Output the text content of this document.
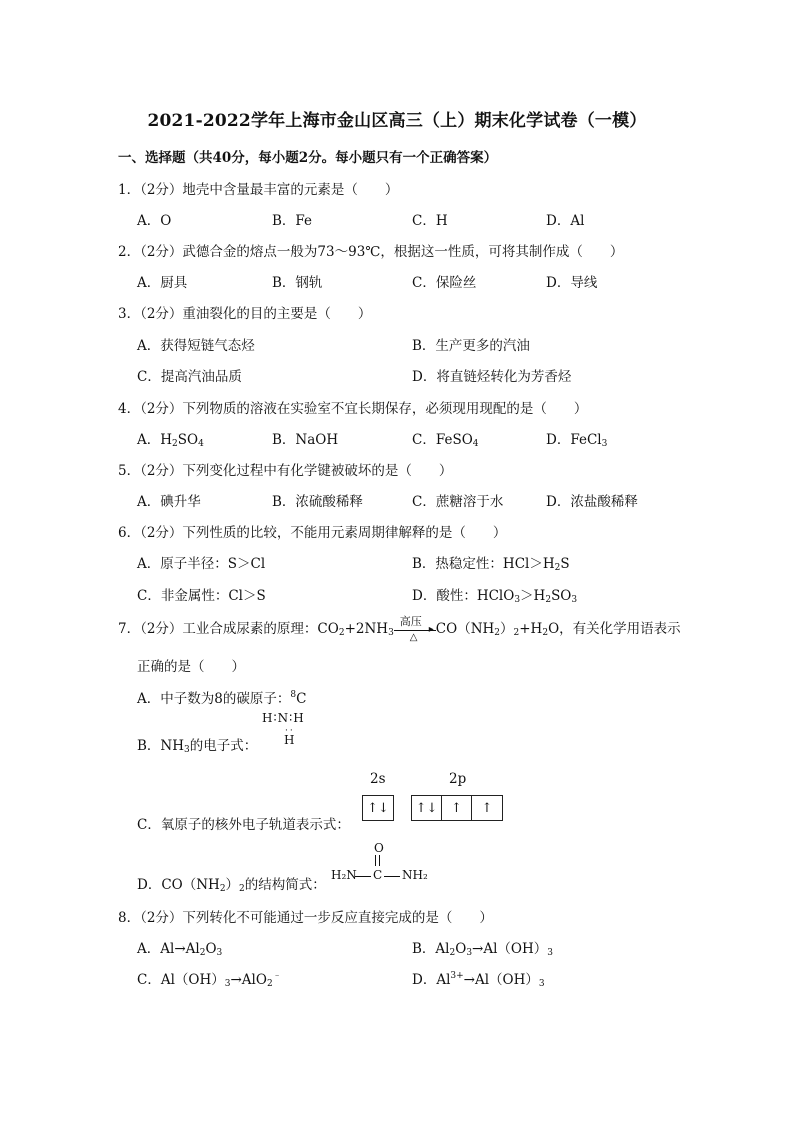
2021-2022学年上海市金山区高三（上）期末化学试卷（一模）
一、选择题（共40分，每小题2分。每小题只有一个正确答案）
1．（2分）地壳中含量最丰富的元素是（　　）
A．O	B．Fe	C．H	D．Al
2．（2分）武德合金的熔点一般为73～93℃，根据这一性质，可将其制作成（　　）
A．厨具	B．钢轨	C．保险丝	D．导线
3．（2分）重油裂化的目的主要是（　　）
A．获得短链气态烃	B．生产更多的汽油
C．提高汽油品质	D．将直链烃转化为芳香烃
4．（2分）下列物质的溶液在实验室不宜长期保存，必须现用现配的是（　　）
A．$H_2SO_4$	B．NaOH	C．FeSO$_4$	D．FeCl$_3$
5．（2分）下列变化过程中有化学键被破坏的是（　　）
A．碘升华	B．浓硫酸稀释	C．蔗糖溶于水	D．浓盐酸稀释
6．（2分）下列性质的比较，不能用元素周期律解释的是（　　）
A．原子半径：S＞Cl	B．热稳定性：$HCl>H_2S$
C．非金属性：Cl＞S	D．酸性：$HClO_3>H_2SO_3$
7．（2分）工业合成尿素的原理：$CO_2+2NH_3$
高压
▸
△ $CO(NH_2)_2+H_2O$，有关化学用语表示
正确的是（　　）
A．中子数为8的碳原子：$^8$C
H∶N∶H
··
H
B．$NH_3$的电子式：
2s	2p
↑↓	↑↓	↑	↑
C．氧原子的核外电子轨道表示式：
O
H₂N C NH₂
D．$CO(NH_2)_2$的结构简式：
8．（2分）下列转化不可能通过一步反应直接完成的是（　　）
A．$Al\to Al_2O_3$	B．$Al_2O_3\to Al(OH)_3$
C．$Al(OH)_3\to AlO_2^﹣$	D．$Al^{3+}\to Al(OH)_3$
